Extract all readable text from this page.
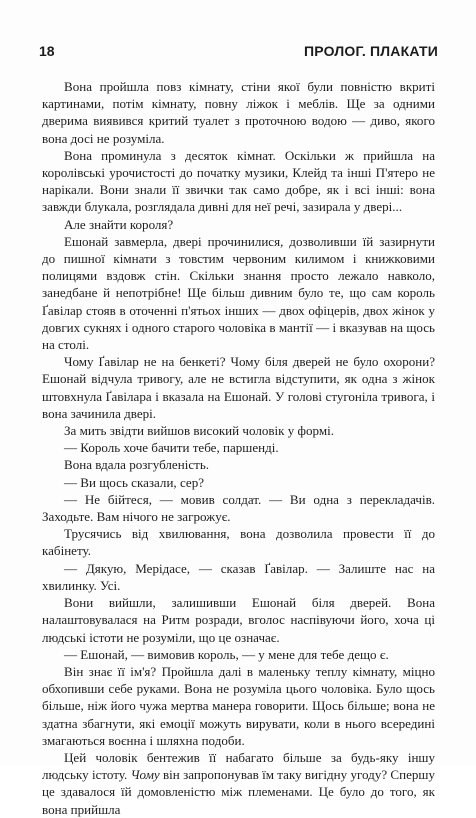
18	ПРОЛОГ. ПЛАКАТИ

Вона пройшла повз кімнату, стіни якої були повністю вкриті картинами, потім кімнату, повну ліжок і меблів. Ще за одними дверима виявився критий туалет з проточною водою — диво, якого вона досі не розуміла.

Вона проминула з десяток кімнат. Оскільки ж прийшла на королівські урочистості до початку музики, Клейд та інші П'ятеро не нарікали. Вони знали її звички так само добре, як і всі інші: вона завжди блукала, розглядала дивні для неї речі, зазирала у двері...

Але знайти короля?

Ешонай завмерла, двері прочинилися, дозволивши їй зазирнути до пишної кімнати з товстим червоним килимом і книжковими полицями вздовж стін. Скільки знання просто лежало навколо, занедбане й непотрібне! Ще більш дивним було те, що сам король Ґавілар стояв в оточенні п'ятьох інших — двох офіцерів, двох жінок у довгих сукнях і одного старого чоловіка в мантії — і вказував на щось на столі.

Чому Ґавілар не на бенкеті? Чому біля дверей не було охорони? Ешонай відчула тривогу, але не встигла відступити, як одна з жінок штовхнула Ґавілара і вказала на Ешонай. У голові стугоніла тривога, і вона зачинила двері.

За мить звідти вийшов високий чоловік у формі.

— Король хоче бачити тебе, паршенді.

Вона вдала розгубленість.

— Ви щось сказали, сер?

— Не бійтеся, — мовив солдат. — Ви одна з перекладачів. Заходьте. Вам нічого не загрожує.

Трусячись від хвилювання, вона дозволила провести її до кабінету.

— Дякую, Мерідасе, — сказав Ґавілар. — Залиште нас на хвилинку. Усі.

Вони вийшли, залишивши Ешонай біля дверей. Вона налаштовувалася на Ритм розради, вголос наспівуючи його, хоча ці людські істоти не розуміли, що це означає.

— Ешонай, — вимовив король, — у мене для тебе дещо є.

Він знає її ім'я? Пройшла далі в маленьку теплу кімнату, міцно обхопивши себе руками. Вона не розуміла цього чоловіка. Було щось більше, ніж його чужа мертва манера говорити. Щось більше; вона не здатна збагнути, які емоції можуть вирувати, коли в нього всередині змагаються воєнна і шляхна подоби.

Цей чоловік бентежив її набагато більше за будь-яку іншу людську істоту. Чому він запропонував їм таку вигідну угоду? Спершу це здавалося їй домовленістю між племенами. Це було до того, як вона прийшла
